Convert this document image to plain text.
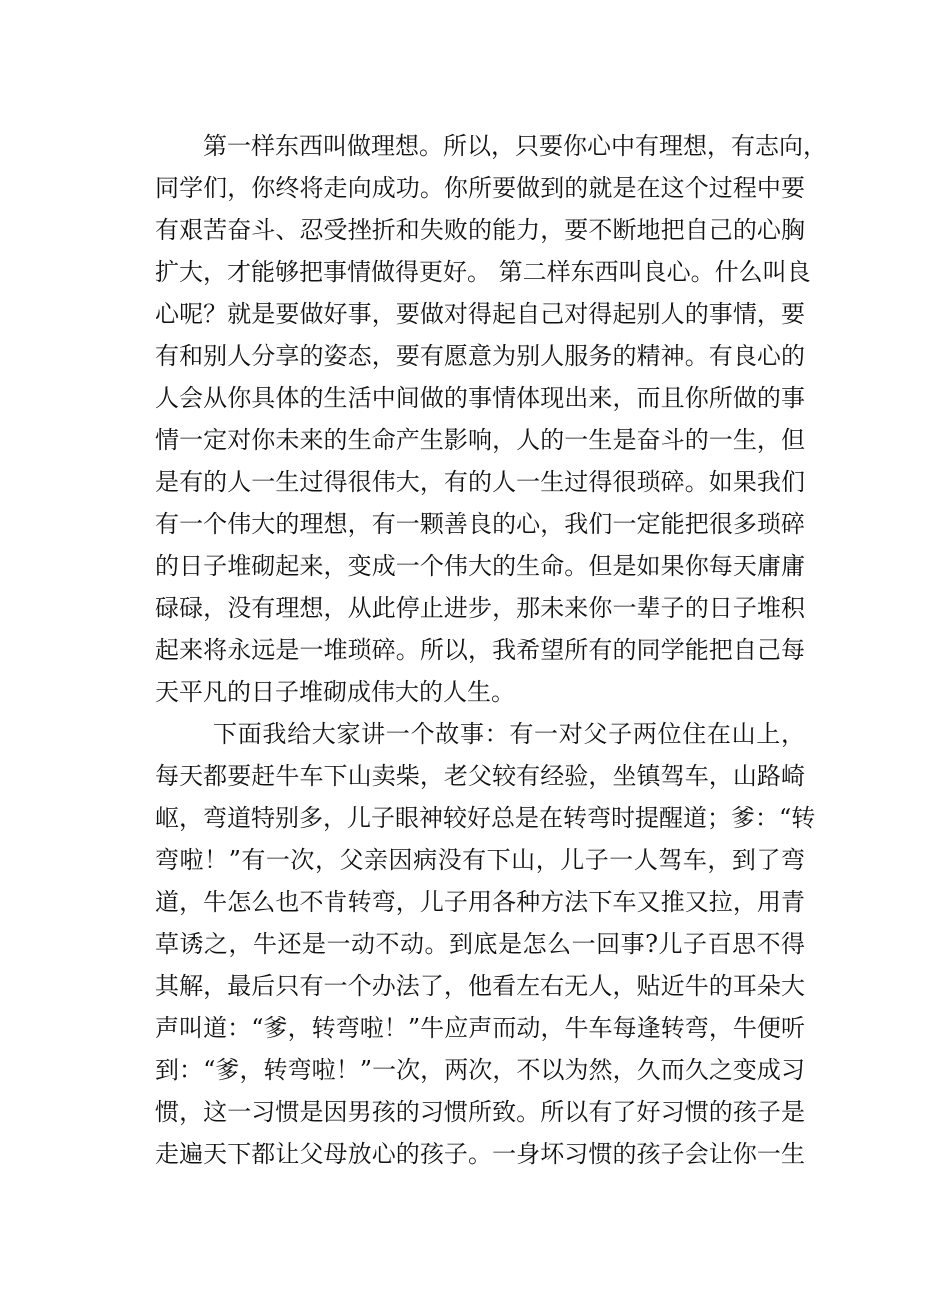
第一样东西叫做理想。所以，只要你心中有理想，有志向，
同学们，你终将走向成功。你所要做到的就是在这个过程中要
有艰苦奋斗、忍受挫折和失败的能力，要不断地把自己的心胸
扩大，才能够把事情做得更好。 第二样东西叫良心。什么叫良
心呢？就是要做好事，要做对得起自己对得起别人的事情，要
有和别人分享的姿态，要有愿意为别人服务的精神。有良心的
人会从你具体的生活中间做的事情体现出来，而且你所做的事
情一定对你未来的生命产生影响，人的一生是奋斗的一生，但
是有的人一生过得很伟大，有的人一生过得很琐碎。如果我们
有一个伟大的理想，有一颗善良的心，我们一定能把很多琐碎
的日子堆砌起来，变成一个伟大的生命。但是如果你每天庸庸
碌碌，没有理想，从此停止进步，那未来你一辈子的日子堆积
起来将永远是一堆琐碎。所以，我希望所有的同学能把自己每
天平凡的日子堆砌成伟大的人生。
下面我给大家讲一个故事：有一对父子两位住在山上，
每天都要赶牛车下山卖柴，老父较有经验，坐镇驾车，山路崎
岖，弯道特别多，儿子眼神较好总是在转弯时提醒道；爹：“转
弯啦！”有一次，父亲因病没有下山，儿子一人驾车，到了弯
道，牛怎么也不肯转弯，儿子用各种方法下车又推又拉，用青
草诱之，牛还是一动不动。到底是怎么一回事?儿子百思不得
其解，最后只有一个办法了，他看左右无人，贴近牛的耳朵大
声叫道：“爹，转弯啦！”牛应声而动，牛车每逢转弯，牛便听
到：“爹，转弯啦！”一次，两次，不以为然，久而久之变成习
惯，这一习惯是因男孩的习惯所致。所以有了好习惯的孩子是
走遍天下都让父母放心的孩子。一身坏习惯的孩子会让你一生
